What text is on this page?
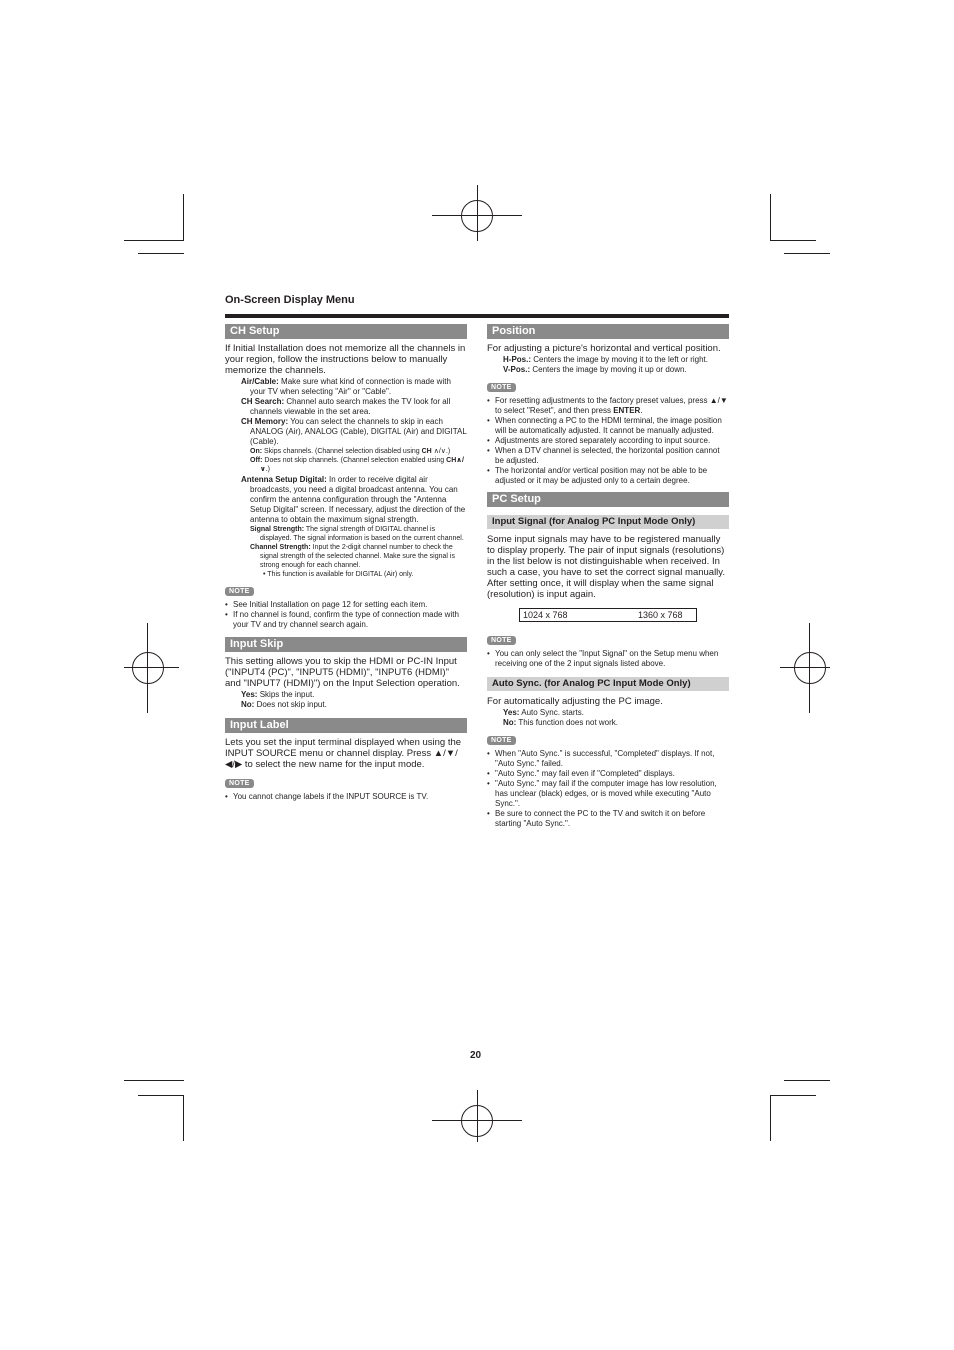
On-Screen Display Menu
CH Setup

If Initial Installation does not memorize all the channels in your region, follow the instructions below to manually memorize the channels.

Air/Cable: Make sure what kind of connection is made with your TV when selecting "Air" or "Cable".
CH Search: Channel auto search makes the TV look for all channels viewable in the set area.
CH Memory: You can select the channels to skip in each ANALOG (Air), ANALOG (Cable), DIGITAL (Air) and DIGITAL (Cable).
On: Skips channels. (Channel selection disabled using CH ∧/∨.)
Off: Does not skip channels. (Channel selection enabled using CH∧/∨.)
Antenna Setup Digital: In order to receive digital air broadcasts, you need a digital broadcast antenna. You can confirm the antenna configuration through the "Antenna Setup Digital" screen. If necessary, adjust the direction of the antenna to obtain the maximum signal strength.
Signal Strength: The signal strength of DIGITAL channel is displayed. The signal information is based on the current channel.
Channel Strength: Input the 2-digit channel number to check the signal strength of the selected channel. Make sure the signal is strong enough for each channel.
• This function is available for DIGITAL (Air) only.
NOTE
• See Initial Installation on page 12 for setting each item.
• If no channel is found, confirm the type of connection made with your TV and try channel search again.
Input Skip

This setting allows you to skip the HDMI or PC-IN Input ("INPUT4 (PC)", "INPUT5 (HDMI)", "INPUT6 (HDMI)" and "INPUT7 (HDMI)") on the Input Selection operation.

Yes: Skips the input.
No: Does not skip input.
Input Label

Lets you set the input terminal displayed when using the INPUT SOURCE menu or channel display. Press ▲/▼/◀/▶ to select the new name for the input mode.

NOTE
• You cannot change labels if the INPUT SOURCE is TV.
Position

For adjusting a picture's horizontal and vertical position.

H-Pos.: Centers the image by moving it to the left or right.
V-Pos.: Centers the image by moving it up or down.
NOTE
• For resetting adjustments to the factory preset values, press ▲/▼ to select "Reset", and then press ENTER.
• When connecting a PC to the HDMI terminal, the image position will be automatically adjusted. It cannot be manually adjusted.
• Adjustments are stored separately according to input source.
• When a DTV channel is selected, the horizontal position cannot be adjusted.
• The horizontal and/or vertical position may not be able to be adjusted or it may be adjusted only to a certain degree.
PC Setup
Input Signal (for Analog PC Input Mode Only)

Some input signals may have to be registered manually to display properly. The pair of input signals (resolutions) in the list below is not distinguishable when received. In such a case, you have to set the correct signal manually. After setting once, it will display when the same signal (resolution) is input again.

1024 x 768	1360 x 768
NOTE
• You can only select the "Input Signal" on the Setup menu when receiving one of the 2 input signals listed above.
Auto Sync. (for Analog PC Input Mode Only)

For automatically adjusting the PC image.

Yes: Auto Sync. starts.
No: This function does not work.
NOTE
• When "Auto Sync." is successful, "Completed" displays. If not, "Auto Sync." failed.
• "Auto Sync." may fail even if "Completed" displays.
• "Auto Sync." may fail if the computer image has low resolution, has unclear (black) edges, or is moved while executing "Auto Sync.".
• Be sure to connect the PC to the TV and switch it on before starting "Auto Sync.".
20
